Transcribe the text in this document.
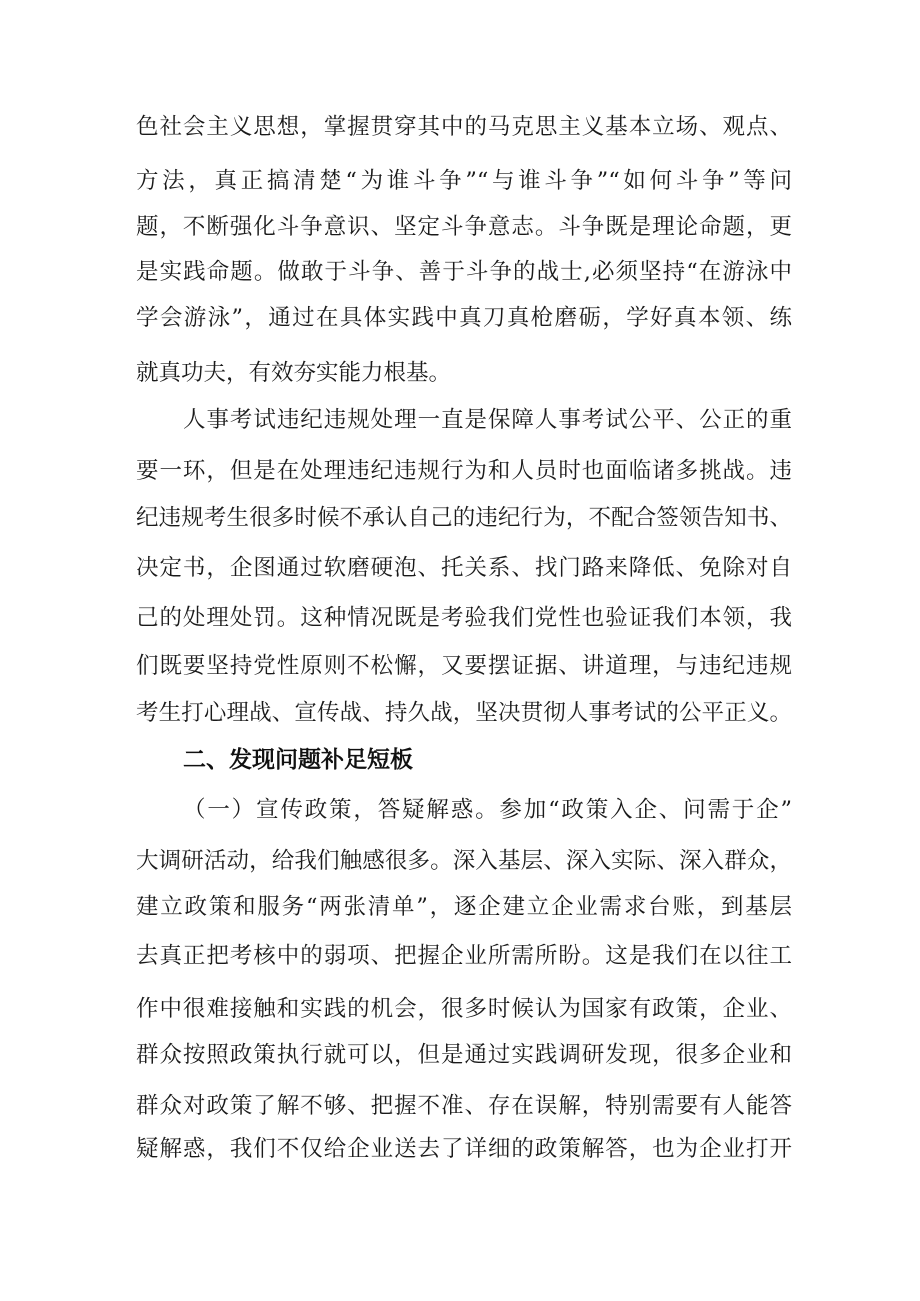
色社会主义思想，掌握贯穿其中的马克思主义基本立场、观点、
方法，真正搞清楚“为谁斗争”“与谁斗争”“如何斗争”等问
题，不断强化斗争意识、坚定斗争意志。斗争既是理论命题，更
是实践命题。做敢于斗争、善于斗争的战士,必须坚持“在游泳中
学会游泳”，通过在具体实践中真刀真枪磨砺，学好真本领、练
就真功夫，有效夯实能力根基。
人事考试违纪违规处理一直是保障人事考试公平、公正的重
要一环，但是在处理违纪违规行为和人员时也面临诸多挑战。违
纪违规考生很多时候不承认自己的违纪行为，不配合签领告知书、
决定书，企图通过软磨硬泡、托关系、找门路来降低、免除对自
己的处理处罚。这种情况既是考验我们党性也验证我们本领，我
们既要坚持党性原则不松懈，又要摆证据、讲道理，与违纪违规
考生打心理战、宣传战、持久战，坚决贯彻人事考试的公平正义。
二、发现问题补足短板
（一）宣传政策，答疑解惑。参加“政策入企、问需于企”
大调研活动，给我们触感很多。深入基层、深入实际、深入群众，
建立政策和服务“两张清单”，逐企建立企业需求台账，到基层
去真正把考核中的弱项、把握企业所需所盼。这是我们在以往工
作中很难接触和实践的机会，很多时候认为国家有政策，企业、
群众按照政策执行就可以，但是通过实践调研发现，很多企业和
群众对政策了解不够、把握不准、存在误解，特别需要有人能答
疑解惑，我们不仅给企业送去了详细的政策解答，也为企业打开
